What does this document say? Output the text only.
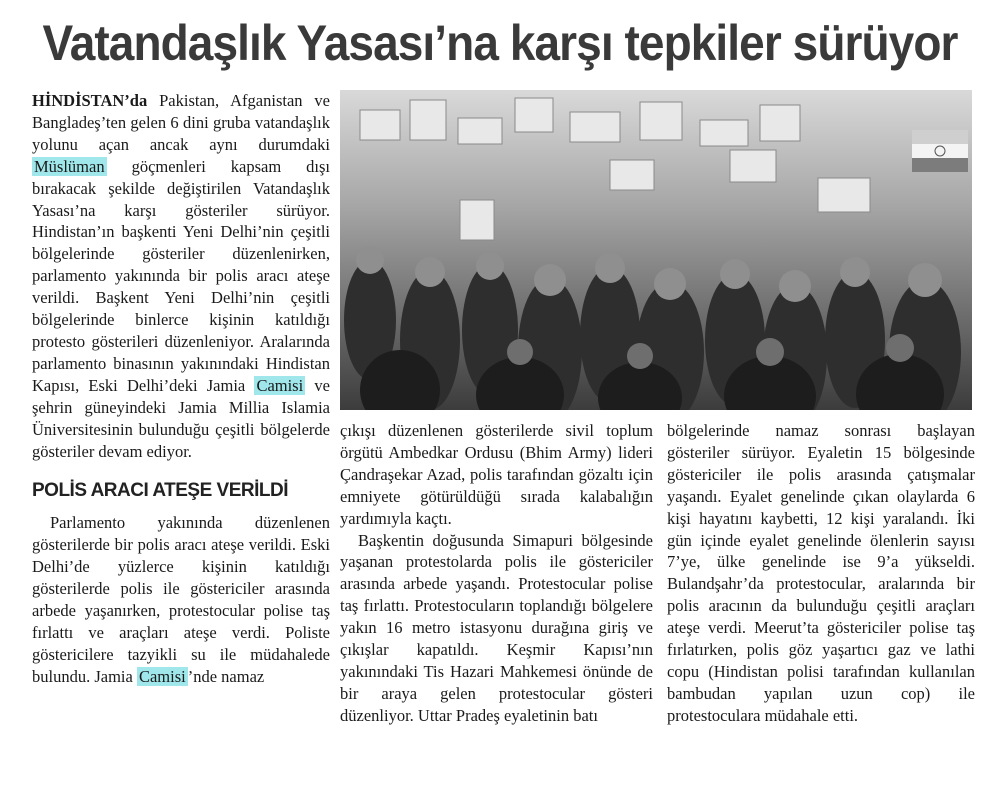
Vatandaşlık Yasası’na karşı tepkiler sürüyor

HİNDİSTAN’da Pakistan, Afganistan ve Bangladeş’ten gelen 6 dini gruba vatandaşlık yolunu açan ancak aynı durumdaki Müslüman göçmenleri kapsam dışı bırakacak şekilde değiştirilen Vatandaşlık Yasası’na karşı gösteriler sürüyor. Hindistan’ın başkenti Yeni Delhi’nin çeşitli bölgelerinde gösteriler düzenlenirken, parlamento yakınında bir polis aracı ateşe verildi. Başkent Yeni Delhi’nin çeşitli bölgelerinde binlerce kişinin katıldığı protesto gösterileri düzenleniyor. Aralarında parlamento binasının yakınındaki Hindistan Kapısı, Eski Delhi’deki Jamia Camisi ve şehrin güneyindeki Jamia Millia Islamia Üniversitesinin bulunduğu çeşitli bölgelerde gösteriler devam ediyor.

POLİS ARACI ATEŞE VERİLDİ

Parlamento yakınında düzenlenen gösterilerde bir polis aracı ateşe verildi. Eski Delhi’de yüzlerce kişinin katıldığı gösterilerde polis ile göstericiler arasında arbede yaşanırken, protestocular polise taş fırlattı ve araçları ateşe verdi. Poliste göstericilere tazyikli su ile müdahalede bulundu. Jamia Camisi ’nde namaz

çıkışı düzenlenen gösterilerde sivil toplum örgütü Ambedkar Ordusu (Bhim Army) lideri Çandraşekar Azad, polis tarafından gözaltı için emniyete götürüldüğü sırada kalabalığın yardımıyla kaçtı.

Başkentin doğusunda Simapuri bölgesinde yaşanan protestolarda polis ile göstericiler arasında arbede yaşandı. Protestocular polise taş fırlattı. Protestocuların toplandığı bölgelere yakın 16 metro istasyonu durağına giriş ve çıkışlar kapatıldı. Keşmir Kapısı’nın yakınındaki Tis Hazari Mahkemesi önünde de bir araya gelen protestocular gösteri düzenliyor. Uttar Pradeş eyaletinin batı

bölgelerinde namaz sonrası başlayan gösteriler sürüyor. Eyaletin 15 bölgesinde göstericiler ile polis arasında çatışmalar yaşandı. Eyalet genelinde çıkan olaylarda 6 kişi hayatını kaybetti, 12 kişi yaralandı. İki gün içinde eyalet genelinde ölenlerin sayısı 7’ye, ülke genelinde ise 9’a yükseldi. Bulandşahr’da protestocular, aralarında bir polis aracının da bulunduğu çeşitli araçları ateşe verdi. Meerut’ta göstericiler polise taş fırlatırken, polis göz yaşartıcı gaz ve lathi copu (Hindistan polisi tarafından kullanılan bambudan yapılan uzun cop) ile protestoculara müdahale etti.
